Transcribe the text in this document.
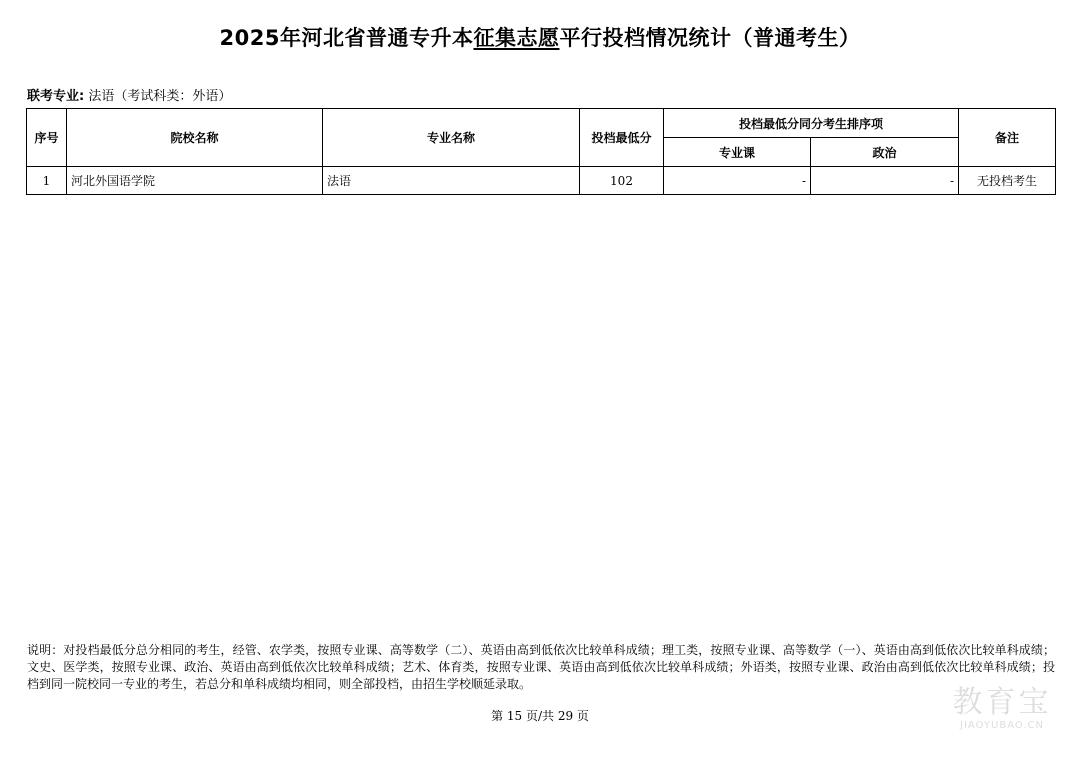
2025年河北省普通专升本征集志愿平行投档情况统计（普通考生）
联考专业: 法语（考试科类：外语）
序号	院校名称	专业名称	投档最低分	投档最低分同分考生排序项		备注
				专业课	政治	
1	河北外国语学院	法语	102	-	-	无投档考生
说明：对投档最低分总分相同的考生，经管、农学类，按照专业课、高等数学（二）、英语由高到低依次比较单科成绩；理工类，按照专业课、高等数学（一）、英语由高到低依次比较单科成绩；文史、医学类，按照专业课、政治、英语由高到低依次比较单科成绩；艺术、体育类，按照专业课、英语由高到低依次比较单科成绩；外语类，按照专业课、政治由高到低依次比较单科成绩；投档到同一院校同一专业的考生，若总分和单科成绩均相同，则全部投档，由招生学校顺延录取。
第 15 页/共 29 页	教育宝
JIAOYUBAO.CN
